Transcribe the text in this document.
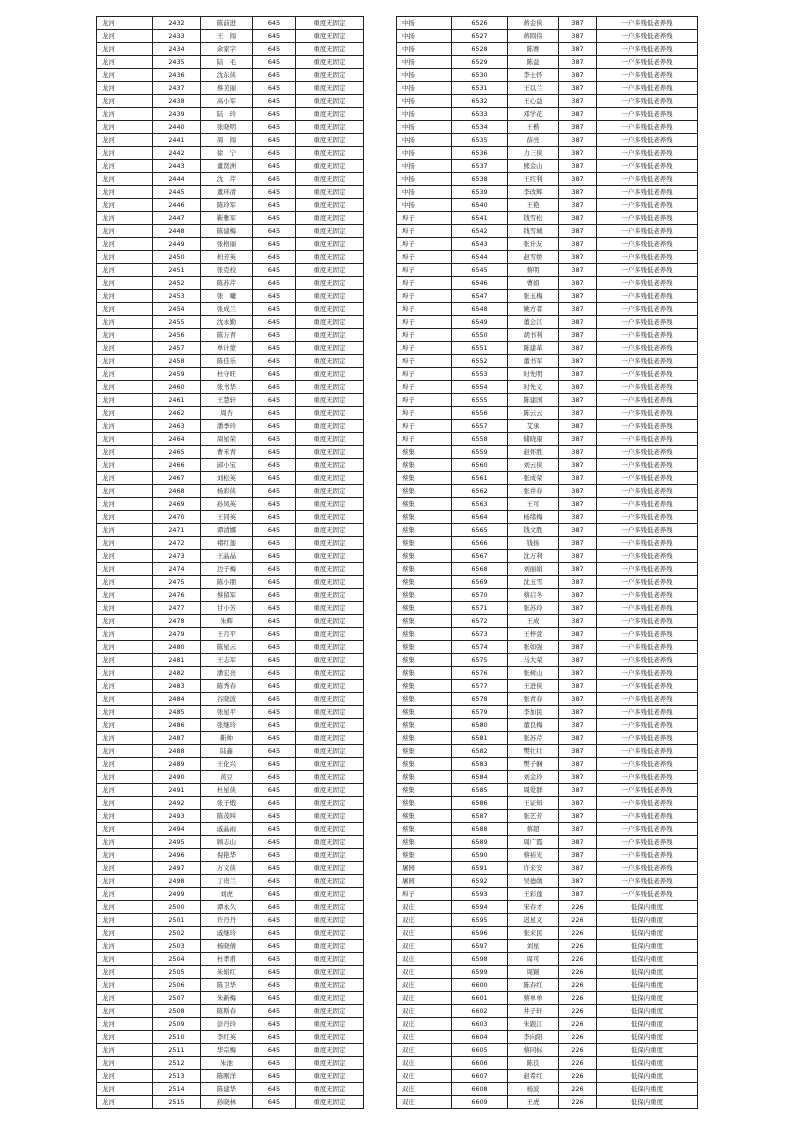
龙河	2432	陈前进	645	重度无固定
龙河	2433	王　闯	645	重度无固定
龙河	2434	余家字	645	重度无固定
龙河	2435	陆　毛	645	重度无固定
龙河	2436	沈东侠	645	重度无固定
龙河	2437	蔡美丽	645	重度无固定
龙河	2438	高小军	645	重度无固定
龙河	2439	陆　玲	645	重度无固定
龙河	2440	张晓明	645	重度无固定
龙河	2441	周　闯	645	重度无固定
龙河	2442	徐　宁	645	重度无固定
龙河	2443	董贤洲	645	重度无固定
龙河	2444	沈　芹	645	重度无固定
龙河	2445	董环清	645	重度无固定
龙河	2446	陈玲军	645	重度无固定
龙河	2447	靳雅军	645	重度无固定
龙河	2448	陈建梅	645	重度无固定
龙河	2449	张格丽	645	重度无固定
龙河	2450	柏芳英	645	重度无固定
龙河	2451	张克校	645	重度无固定
龙河	2452	陈苏芹	645	重度无固定
龙河	2453	张　曦	645	重度无固定
龙河	2454	张成兰	645	重度无固定
龙河	2455	沈永勤	645	重度无固定
龙河	2456	陈万青	645	重度无固定
龙河	2457	单计蒙	645	重度无固定
龙河	2458	陈佳乐	645	重度无固定
龙河	2459	杜守旺	645	重度无固定
龙河	2460	张书华	645	重度无固定
龙河	2461	王慧轩	645	重度无固定
龙河	2462	周杏	645	重度无固定
龙河	2463	潘季玲	645	重度无固定
龙河	2464	周星荣	645	重度无固定
龙河	2465	曹禾青	645	重度无固定
龙河	2466	邱小宝	645	重度无固定
龙河	2467	刘松英	645	重度无固定
龙河	2468	杨彩侠	645	重度无固定
龙河	2469	孙凤英	645	重度无固定
龙河	2470	王同英	645	重度无固定
龙河	2471	谭清娜	645	重度无固定
龙河	2472	褚红莲	645	重度无固定
龙河	2473	王晶晶	645	重度无固定
龙河	2474	边子梅	645	重度无固定
龙河	2475	陈小朋	645	重度无固定
龙河	2476	蔡留军	645	重度无固定
龙河	2477	甘小芳	645	重度无固定
龙河	2478	朱辉	645	重度无固定
龙河	2479	王月平	645	重度无固定
龙河	2480	陈星云	645	重度无固定
龙河	2481	王志军	645	重度无固定
龙河	2482	潘宏亮	645	重度无固定
龙河	2483	陈秀春	645	重度无固定
龙河	2484	谷晓波	645	重度无固定
龙河	2485	张星平	645	重度无固定
龙河	2486	张继玲	645	重度无固定
龙河	2487	靳帅	645	重度无固定
龙河	2488	陆鑫	645	重度无固定
龙河	2489	王化兴	645	重度无固定
龙河	2490	黄豆	645	重度无固定
龙河	2491	杜星侠	645	重度无固定
龙河	2492	张子煅	645	重度无固定
龙河	2493	陈茂叫	645	重度无固定
龙河	2494	戚晶雨	645	重度无固定
龙河	2495	顾志山	645	重度无固定
龙河	2496	倪艳华	645	重度无固定
龙河	2497	万义侠	645	重度无固定
龙河	2498	丁贵兰	645	重度无固定
龙河	2499	刘虎	645	重度无固定
龙河	2500	谭永久	645	重度无固定
龙河	2501	许丹丹	645	重度无固定
龙河	2502	戚继玲	645	重度无固定
龙河	2503	杨晓倩	645	重度无固定
龙河	2504	杜孝甫	645	重度无固定
龙河	2505	朱娟红	645	重度无固定
龙河	2506	陈卫华	645	重度无固定
龙河	2507	朱新梅	645	重度无固定
龙河	2508	陈斯春	645	重度无固定
龙河	2509	彭丹玲	645	重度无固定
龙河	2510	李红英	645	重度无固定
龙河	2511	华宗梅	645	重度无固定
龙河	2512	朱池	645	重度无固定
龙河	2513	陈刚洋	645	重度无固定
龙河	2514	陈建华	645	重度无固定
龙河	2515	孙晓林	645	重度无固定
中扬	6526	蒋金侠	387	一户多残低老养残
中扬	6527	蒋圆伟	387	一户多残低老养残
中扬	6528	陈赛	387	一户多残低老养残
中扬	6529	陈益	387	一户多残低老养残
中扬	6530	李士怀	387	一户多残低老养残
中扬	6531	王以兰	387	一户多残低老养残
中扬	6532	王心益	387	一户多残低老养残
中扬	6533	邓学花	387	一户多残低老养残
中扬	6534	王楷	387	一户多残低老养残
中扬	6535	薛亮	387	一户多残低老养残
中扬	6536	力三侠	387	一户多残低老养残
中扬	6537	熊金山	387	一户多残低老养残
中扬	6538	王红利	387	一户多残低老养残
中扬	6539	李改辉	387	一户多残低老养残
中扬	6540	王艳	387	一户多残低老养残
埠子	6541	钱雪松	387	一户多残低老养残
埠子	6542	钱雪城	387	一户多残低老养残
埠子	6543	张计友	387	一户多残低老养残
埠子	6544	赵雪娇	387	一户多残低老养残
埠子	6545	蔡明	387	一户多残低老养残
埠子	6546	曹娟	387	一户多残低老养残
埠子	6547	张玉梅	387	一户多残低老养残
埠子	6548	姚方者	387	一户多残低老养残
埠子	6549	董会江	387	一户多残低老养残
埠子	6550	胡书利	387	一户多残低老养残
埠子	6551	陈建革	387	一户多残低老养残
埠子	6552	董书军	387	一户多残低老养残
埠子	6553	时先明	387	一户多残低老养残
埠子	6554	时先义	387	一户多残低老养残
埠子	6555	陈建国	387	一户多残低老养残
埠子	6556	陈云云	387	一户多残低老养残
埠子	6557	艾承	387	一户多残低老养残
埠子	6558	储晓康	387	一户多残低老养残
蔡集	6559	赵怀胜	387	一户多残低老养残
蔡集	6560	刘云侠	387	一户多残低老养残
蔡集	6561	张成荣	387	一户多残低老养残
蔡集	6562	张井春	387	一户多残低老养残
蔡集	6563	王可	387	一户多残低老养残
蔡集	6564	杨绪梅	387	一户多残低老养残
蔡集	6565	钱文胜	387	一户多残低老养残
蔡集	6566	钱扬	387	一户多残低老养残
蔡集	6567	沈万利	387	一户多残低老养残
蔡集	6568	刘丽娟	387	一户多残低老养残
蔡集	6569	沈玉雪	387	一户多残低老养残
蔡集	6570	蔡启冬	387	一户多残低老养残
蔡集	6571	张苏玲	387	一户多残低老养残
蔡集	6572	王成	387	一户多残低老养残
蔡集	6573	王梓萱	387	一户多残低老养残
蔡集	6574	张如强	387	一户多残低老养残
蔡集	6575	马大荣	387	一户多残低老养残
蔡集	6576	张树山	387	一户多残低老养残
蔡集	6577	王进侠	387	一户多残低老养残
蔡集	6578	张青春	387	一户多残低老养残
蔡集	6579	李加民	387	一户多残低老养残
蔡集	6580	董良梅	387	一户多残低老养残
蔡集	6581	张苏芹	387	一户多残低老养残
蔡集	6582	樊壮壮	387	一户多残低老养残
蔡集	6583	樊子娴	387	一户多残低老养残
蔡集	6584	刘金玲	387	一户多残低老养残
蔡集	6585	周爱群	387	一户多残低老养残
蔡集	6586	王证知	387	一户多残低老养残
蔡集	6587	张艺芳	387	一户多残低老养残
蔡集	6588	蔡超	387	一户多残低老养残
蔡集	6589	周广霞	387	一户多残低老养残
蔡集	6590	蔡裕光	387	一户多残低老养残
屠园	6591	许来安	387	一户多残低老养残
屠园	6592	吴德勋	387	一户多残低老养残
埠子	6593	王彩莲	387	一户多残低老养残
双庄	6594	宋春才	226	低保内重度
双庄	6595	迟星义	226	低保内重度
双庄	6596	张来民	226	低保内重度
双庄	6597	刘星	226	低保内重度
双庄	6598	周可	226	低保内重度
双庄	6599	周颖	226	低保内重度
双庄	6600	陈春红	226	低保内重度
双庄	6601	蔡单单	226	低保内重度
双庄	6602	井子轩	226	低保内重度
双庄	6603	朱跟江	226	低保内重度
双庄	6604	李向阳	226	低保内重度
双庄	6605	蔡同标	226	低保内重度
双庄	6606	陈良	226	低保内重度
双庄	6607	赵希红	226	低保内重度
双庄	6608	杨波	226	低保内重度
双庄	6609	王虎	226	低保内重度
